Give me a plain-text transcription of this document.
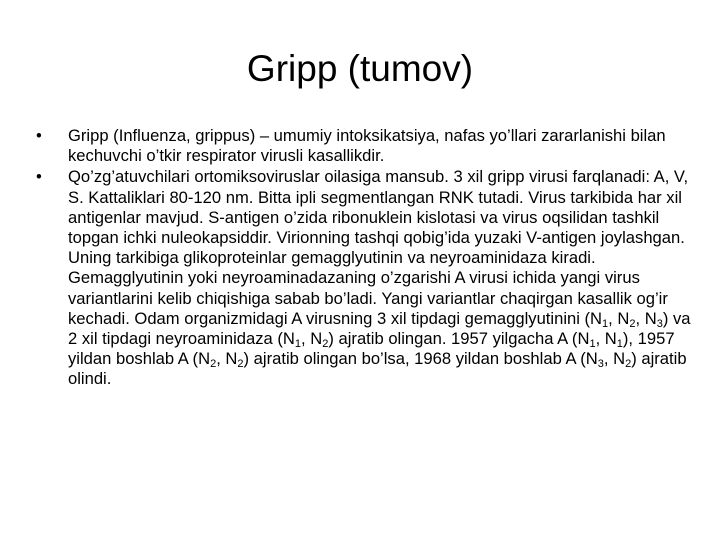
Gripp (tumov)
•	Gripp (Influenza, grippus) – umumiy intoksikatsiya, nafas yo’llari zararlanishi bilan kechuvchi o’tkir respirator virusli kasallikdir.
•	Qo’zg’atuvchilari ortomiksoviruslar oilasiga mansub. 3 xil gripp virusi farqlanadi: A, V, S. Kattaliklari 80-120 nm. Bitta ipli segmentlangan RNK tutadi. Virus tarkibida har xil antigenlar mavjud. S-antigen o’zida ribonuklein kislotasi va virus oqsilidan tashkil topgan ichki nuleokapsiddir. Virionning tashqi qobig’ida yuzaki V-antigen joylashgan. Uning tarkibiga glikoproteinlar gemagglyutinin va neyroaminidaza kiradi. Gemagglyutinin yoki neyroaminadazaning o’zgarishi A virusi ichida yangi virus variantlarini kelib chiqishiga sabab bo’ladi. Yangi variantlar chaqirgan kasallik og’ir kechadi. Odam organizmidagi A virusning 3 xil tipdagi gemagglyutinini ($N_1$, $N_2$, $N_3$) va 2 xil tipdagi neyroaminidaza ($N_1$, $N_2$) ajratib olingan. 1957 yilgacha A ($N_1$, $N_1$), 1957 yildan boshlab A ($N_2$, $N_2$) ajratib olingan bo’lsa, 1968 yildan boshlab A ($N_3$, $N_2$) ajratib olindi.
